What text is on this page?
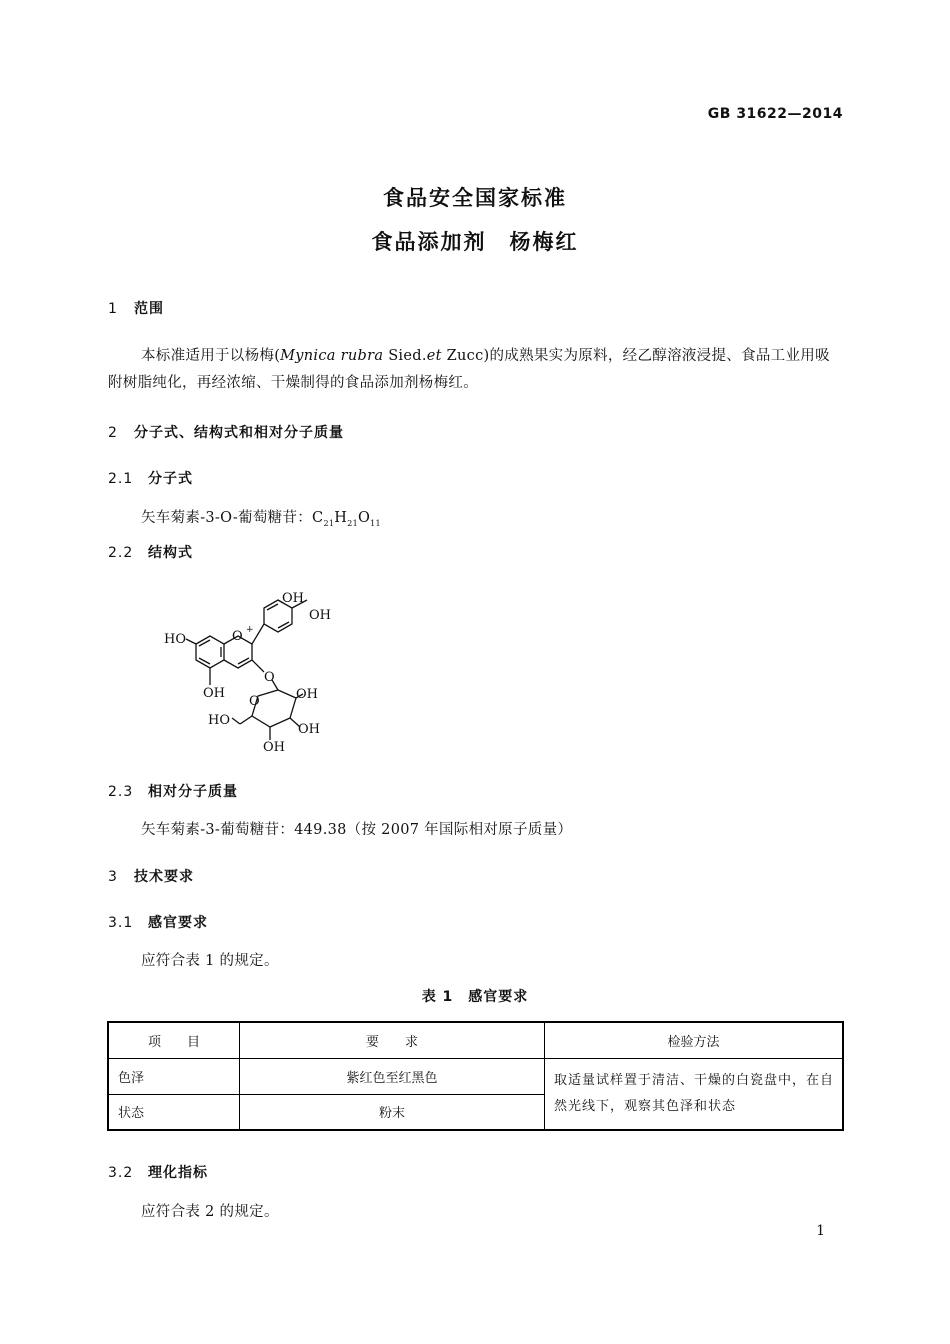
GB 31622—2014
食品安全国家标准
食品添加剂　杨梅红
1 范围
本标准适用于以杨梅(Mynica rubra Sied.et Zucc)的成熟果实为原料，经乙醇溶液浸提、食品工业用吸附树脂纯化，再经浓缩、干燥制得的食品添加剂杨梅红。
2 分子式、结构式和相对分子质量
2.1 分子式
矢车菊素-3-O-葡萄糖苷：$C_{21}H_{21}O_{11}$
2.2 结构式
HO	O +
OH
OH
O
OH
O	OH
OH
OH
HO
2.3 相对分子质量
矢车菊素-3-葡萄糖苷：449.38（按 2007 年国际相对原子质量）
3 技术要求
3.1 感官要求
应符合表 1 的规定。
表 1　感官要求
项　　目	要　　求	检验方法
色泽	紫红色至红黑色	取适量试样置于清洁、干燥的白瓷盘中，在自然光线下，观察其色泽和状态
状态	粉末	
3.2 理化指标
应符合表 2 的规定。
1
